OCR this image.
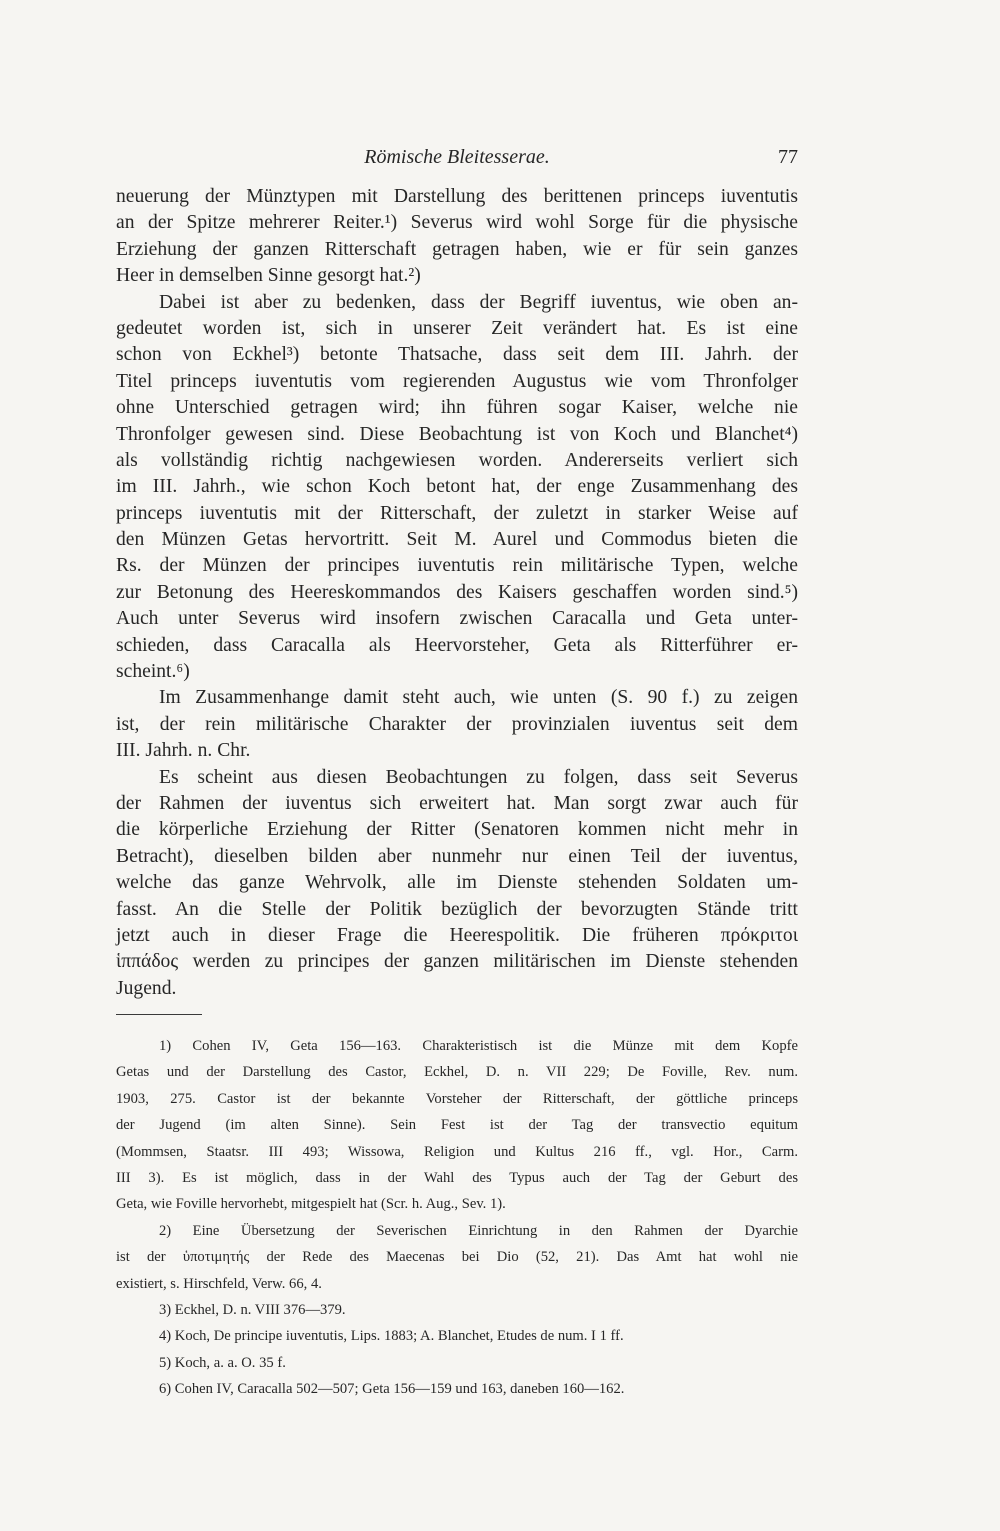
Römische Bleitesserae.	77
neuerung der Münztypen mit Darstellung des berittenen princeps iuventutis
an der Spitze mehrerer Reiter.¹) Severus wird wohl Sorge für die physische
Erziehung der ganzen Ritterschaft getragen haben, wie er für sein ganzes
Heer in demselben Sinne gesorgt hat.²)
Dabei ist aber zu bedenken, dass der Begriff iuventus, wie oben an-
gedeutet worden ist, sich in unserer Zeit verändert hat. Es ist eine
schon von Eckhel³) betonte Thatsache, dass seit dem III. Jahrh. der
Titel princeps iuventutis vom regierenden Augustus wie vom Thronfolger
ohne Unterschied getragen wird; ihn führen sogar Kaiser, welche nie
Thronfolger gewesen sind. Diese Beobachtung ist von Koch und Blanchet⁴)
als vollständig richtig nachgewiesen worden. Andererseits verliert sich
im III. Jahrh., wie schon Koch betont hat, der enge Zusammenhang des
princeps iuventutis mit der Ritterschaft, der zuletzt in starker Weise auf
den Münzen Getas hervortritt. Seit M. Aurel und Commodus bieten die
Rs. der Münzen der principes iuventutis rein militärische Typen, welche
zur Betonung des Heereskommandos des Kaisers geschaffen worden sind.⁵)
Auch unter Severus wird insofern zwischen Caracalla und Geta unter-
schieden, dass Caracalla als Heervorsteher, Geta als Ritterführer er-
scheint.⁶)
Im Zusammenhange damit steht auch, wie unten (S. 90 f.) zu zeigen
ist, der rein militärische Charakter der provinzialen iuventus seit dem
III. Jahrh. n. Chr.
Es scheint aus diesen Beobachtungen zu folgen, dass seit Severus
der Rahmen der iuventus sich erweitert hat. Man sorgt zwar auch für
die körperliche Erziehung der Ritter (Senatoren kommen nicht mehr in
Betracht), dieselben bilden aber nunmehr nur einen Teil der iuventus,
welche das ganze Wehrvolk, alle im Dienste stehenden Soldaten um-
fasst. An die Stelle der Politik bezüglich der bevorzugten Stände tritt
jetzt auch in dieser Frage die Heerespolitik. Die früheren πρόκριτοι
ἱππάδος werden zu principes der ganzen militärischen im Dienste stehenden
Jugend.
1) Cohen IV, Geta 156—163. Charakteristisch ist die Münze mit dem Kopfe
Getas und der Darstellung des Castor, Eckhel, D. n. VII 229; De Foville, Rev. num.
1903, 275. Castor ist der bekannte Vorsteher der Ritterschaft, der göttliche princeps
der Jugend (im alten Sinne). Sein Fest ist der Tag der transvectio equitum
(Mommsen, Staatsr. III 493; Wissowa, Religion und Kultus 216 ff., vgl. Hor., Carm.
III 3). Es ist möglich, dass in der Wahl des Typus auch der Tag der Geburt des
Geta, wie Foville hervorhebt, mitgespielt hat (Scr. h. Aug., Sev. 1).
2) Eine Übersetzung der Severischen Einrichtung in den Rahmen der Dyarchie
ist der ὑποτιμητής der Rede des Maecenas bei Dio (52, 21). Das Amt hat wohl nie
existiert, s. Hirschfeld, Verw. 66, 4.
3) Eckhel, D. n. VIII 376—379.
4) Koch, De principe iuventutis, Lips. 1883; A. Blanchet, Etudes de num. I 1 ff.
5) Koch, a. a. O. 35 f.
6) Cohen IV, Caracalla 502—507; Geta 156—159 und 163, daneben 160—162.
